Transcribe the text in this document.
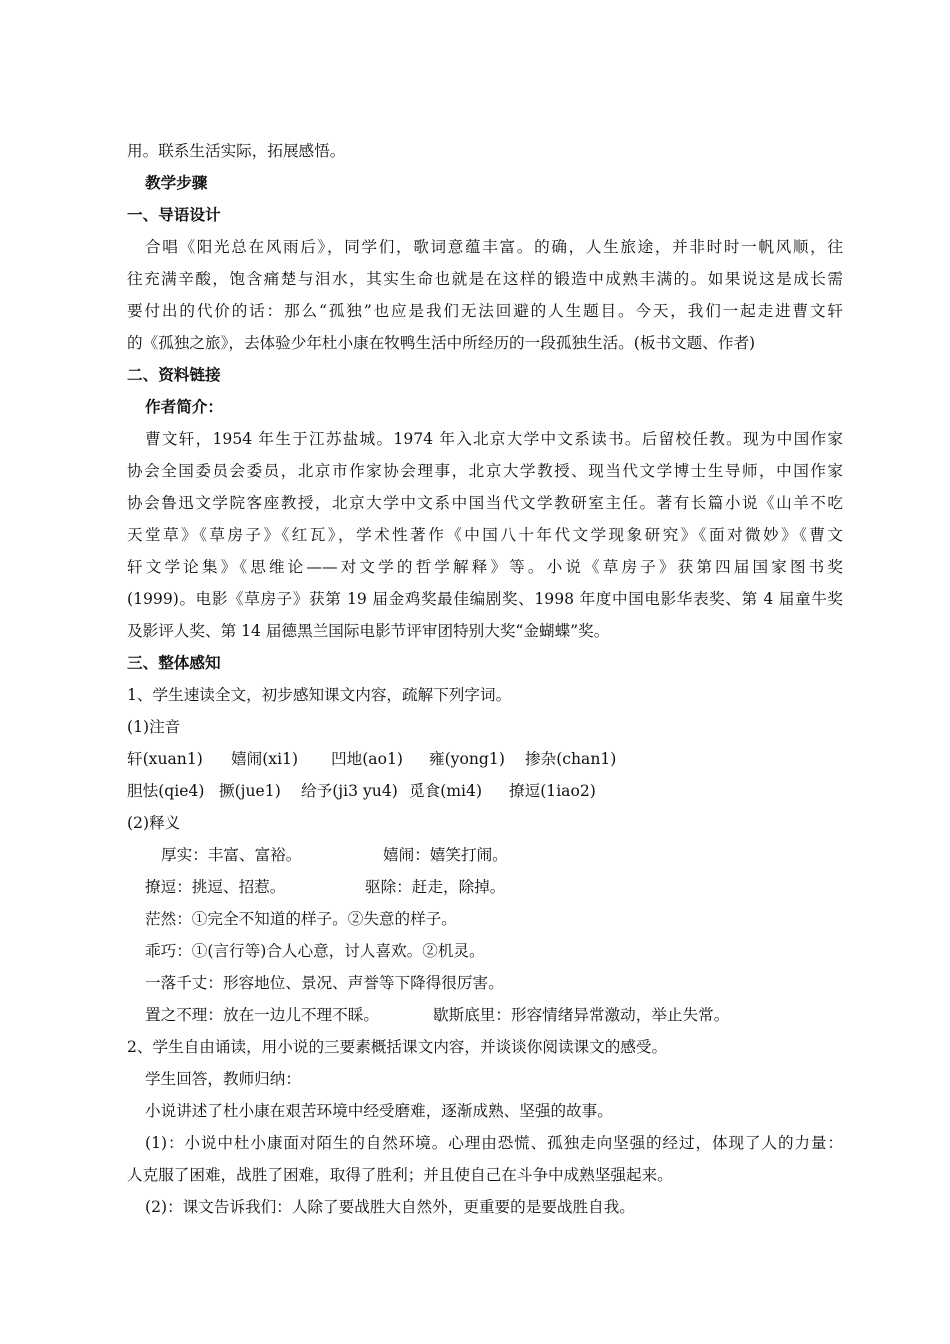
用。联系生活实际，拓展感悟。
教学步骤
一、导语设计
合唱《阳光总在风雨后》，同学们，歌词意蕴丰富。的确，人生旅途，并非时时一帆风顺，往
往充满辛酸，饱含痛楚与泪水，其实生命也就是在这样的锻造中成熟丰满的。如果说这是成长需
要付出的代价的话：那么“孤独”也应是我们无法回避的人生题目。今天，我们一起走进曹文轩
的《孤独之旅》，去体验少年杜小康在牧鸭生活中所经历的一段孤独生活。(板书文题、作者)
二、资料链接
作者简介：
曹文轩，1954 年生于江苏盐城。1974 年入北京大学中文系读书。后留校任教。现为中国作家
协会全国委员会委员，北京市作家协会理事，北京大学教授、现当代文学博士生导师，中国作家
协会鲁迅文学院客座教授，北京大学中文系中国当代文学教研室主任。著有长篇小说《山羊不吃
天堂草》《草房子》《红瓦》，学术性著作《中国八十年代文学现象研究》《面对微妙》《曹文
轩文学论集》《思维论——对文学的哲学解释》等。小说《草房子》获第四届国家图书奖
(1999)。电影《草房子》获第 19 届金鸡奖最佳编剧奖、1998 年度中国电影华表奖、第 4 届童牛奖
及影评人奖、第 14 届德黑兰国际电影节评审团特别大奖“金蝴蝶”奖。
三、整体感知
1、学生速读全文，初步感知课文内容，疏解下列字词。
(1)注音
轩(xuan1) 嬉闹(xi1) 凹地(ao1) 雍(yong1) 掺杂(chan1)
胆怯(qie4) 撅(jue1) 给予(ji3 yu4) 觅食(mi4) 撩逗(1iao2)
(2)释义
厚实：丰富、富裕。	嬉闹：嬉笑打闹。
撩逗：挑逗、招惹。	驱除：赶走，除掉。
茫然：①完全不知道的样子。②失意的样子。
乖巧：①(言行等)合人心意，讨人喜欢。②机灵。
一落千丈：形容地位、景况、声誉等下降得很厉害。
置之不理：放在一边儿不理不睬。	歇斯底里：形容情绪异常激动，举止失常。
2、学生自由诵读，用小说的三要素概括课文内容，并谈谈你阅读课文的感受。
学生回答，教师归纳：
小说讲述了杜小康在艰苦环境中经受磨难，逐渐成熟、坚强的故事。
(1)：小说中杜小康面对陌生的自然环境。心理由恐慌、孤独走向坚强的经过，体现了人的力量：
人克服了困难，战胜了困难，取得了胜利；并且使自己在斗争中成熟坚强起来。
(2)：课文告诉我们：人除了要战胜大自然外，更重要的是要战胜自我。
